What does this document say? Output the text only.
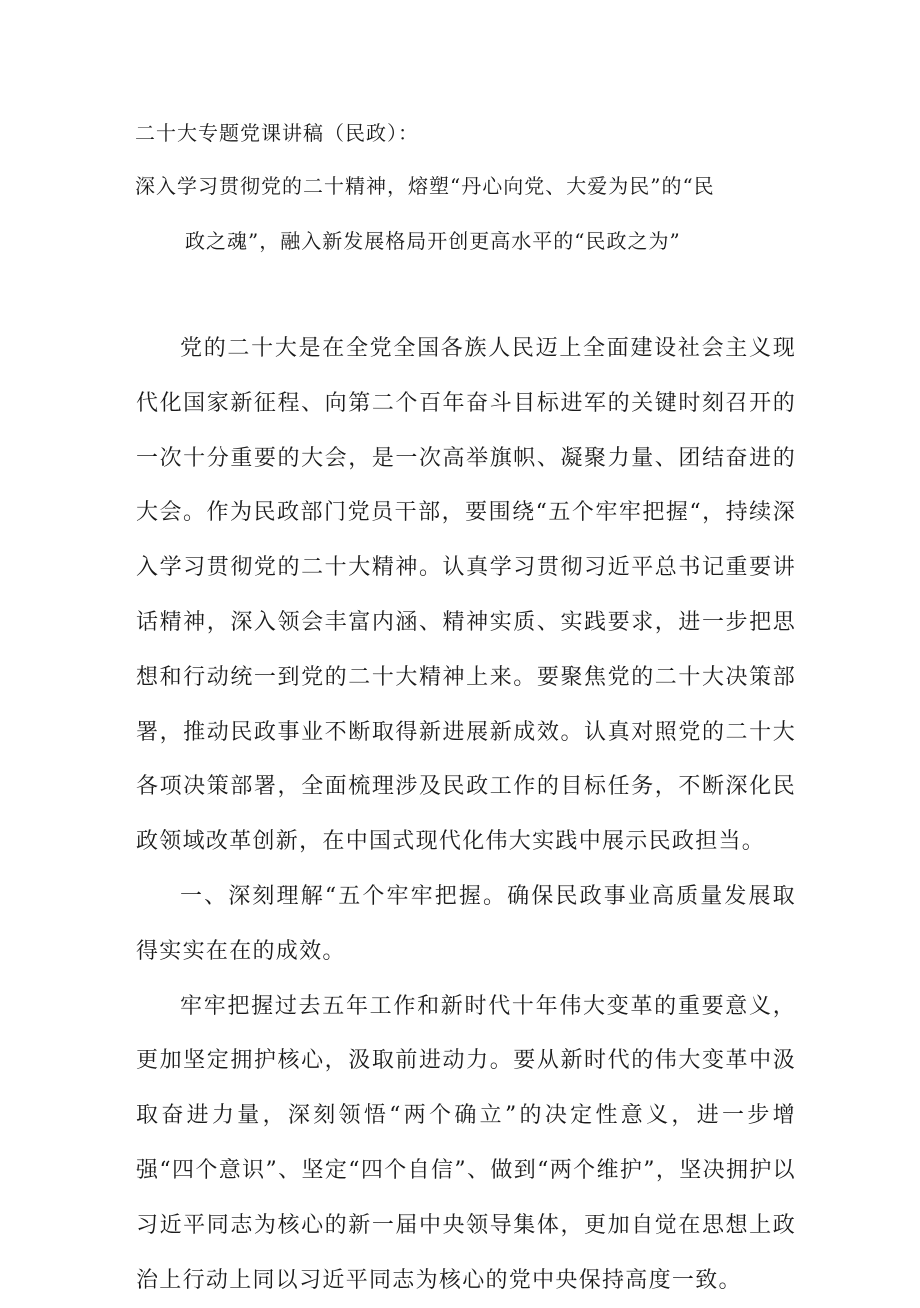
二十大专题党课讲稿（民政）：
深入学习贯彻党的二十精神，熔塑“丹心向党、大爱为民”的“民
政之魂”，融入新发展格局开创更高水平的“民政之为”

党的二十大是在全党全国各族人民迈上全面建设社会主义现代化国家新征程、向第二个百年奋斗目标进军的关键时刻召开的一次十分重要的大会，是一次高举旗帜、凝聚力量、团结奋进的大会。作为民政部门党员干部，要围绕“五个牢牢把握“，持续深入学习贯彻党的二十大精神。认真学习贯彻习近平总书记重要讲话精神，深入领会丰富内涵、精神实质、实践要求，进一步把思想和行动统一到党的二十大精神上来。要聚焦党的二十大决策部署，推动民政事业不断取得新进展新成效。认真对照党的二十大各项决策部署，全面梳理涉及民政工作的目标任务，不断深化民政领域改革创新，在中国式现代化伟大实践中展示民政担当。

一、深刻理解“五个牢牢把握。确保民政事业高质量发展取得实实在在的成效。

牢牢把握过去五年工作和新时代十年伟大变革的重要意义，更加坚定拥护核心，汲取前进动力。要从新时代的伟大变革中汲取奋进力量，深刻领悟“两个确立”的决定性意义，进一步增强“四个意识”、坚定“四个自信”、做到“两个维护”，坚决拥护以习近平同志为核心的新一届中央领导集体，更加自觉在思想上政治上行动上同以习近平同志为核心的党中央保持高度一致。
